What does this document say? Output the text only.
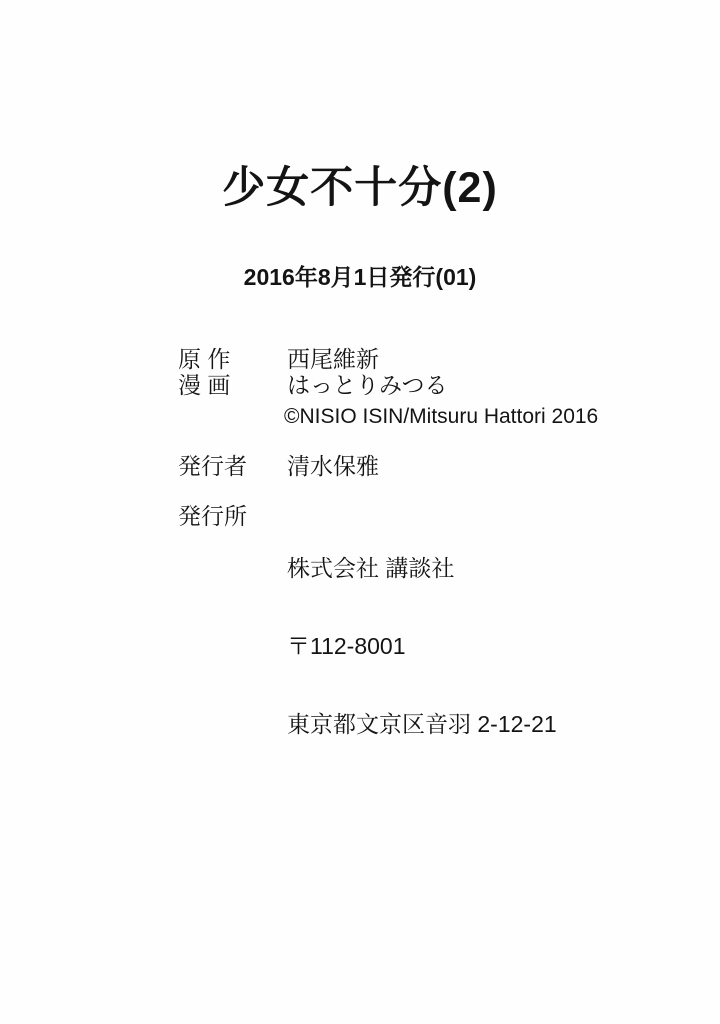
少女不十分(2)
2016年8月1日発行(01)
原 作	西尾維新
漫 画	はっとりみつる
©NISIO ISIN/Mitsuru Hattori 2016
発行者 清水保雅
発行所

株式会社 講談社

〒112-8001

東京都文京区音羽 2-12-21
